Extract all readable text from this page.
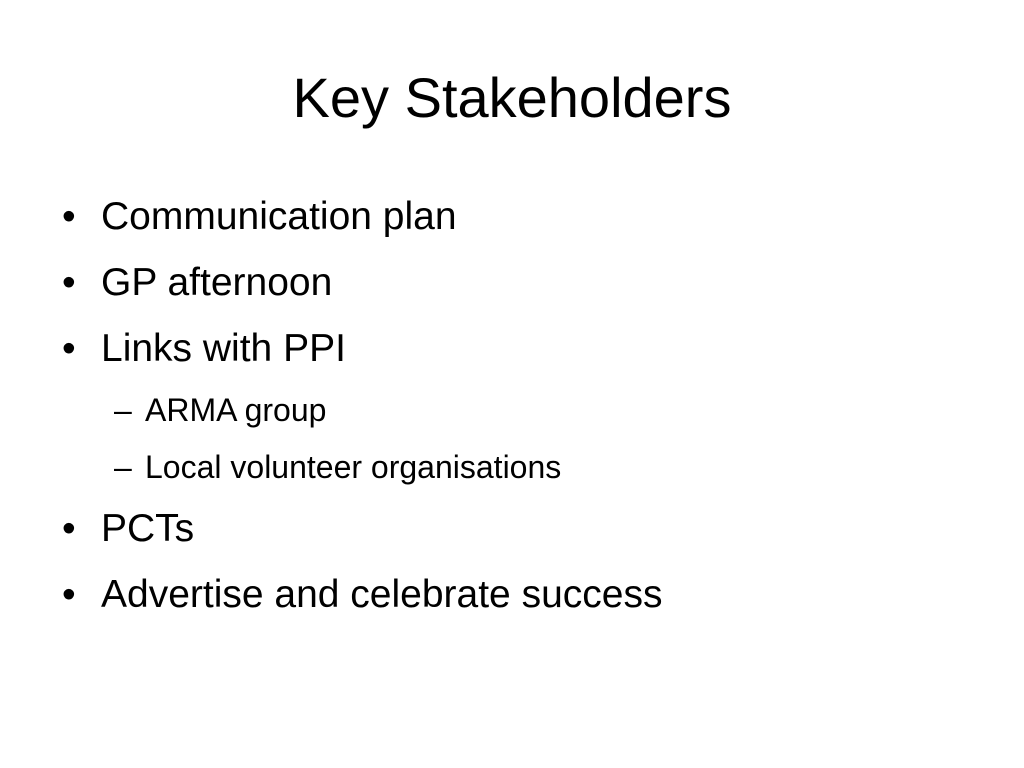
Key Stakeholders
• Communication plan
• GP afternoon
• Links with PPI
– ARMA group
– Local volunteer organisations
• PCTs
• Advertise and celebrate success
